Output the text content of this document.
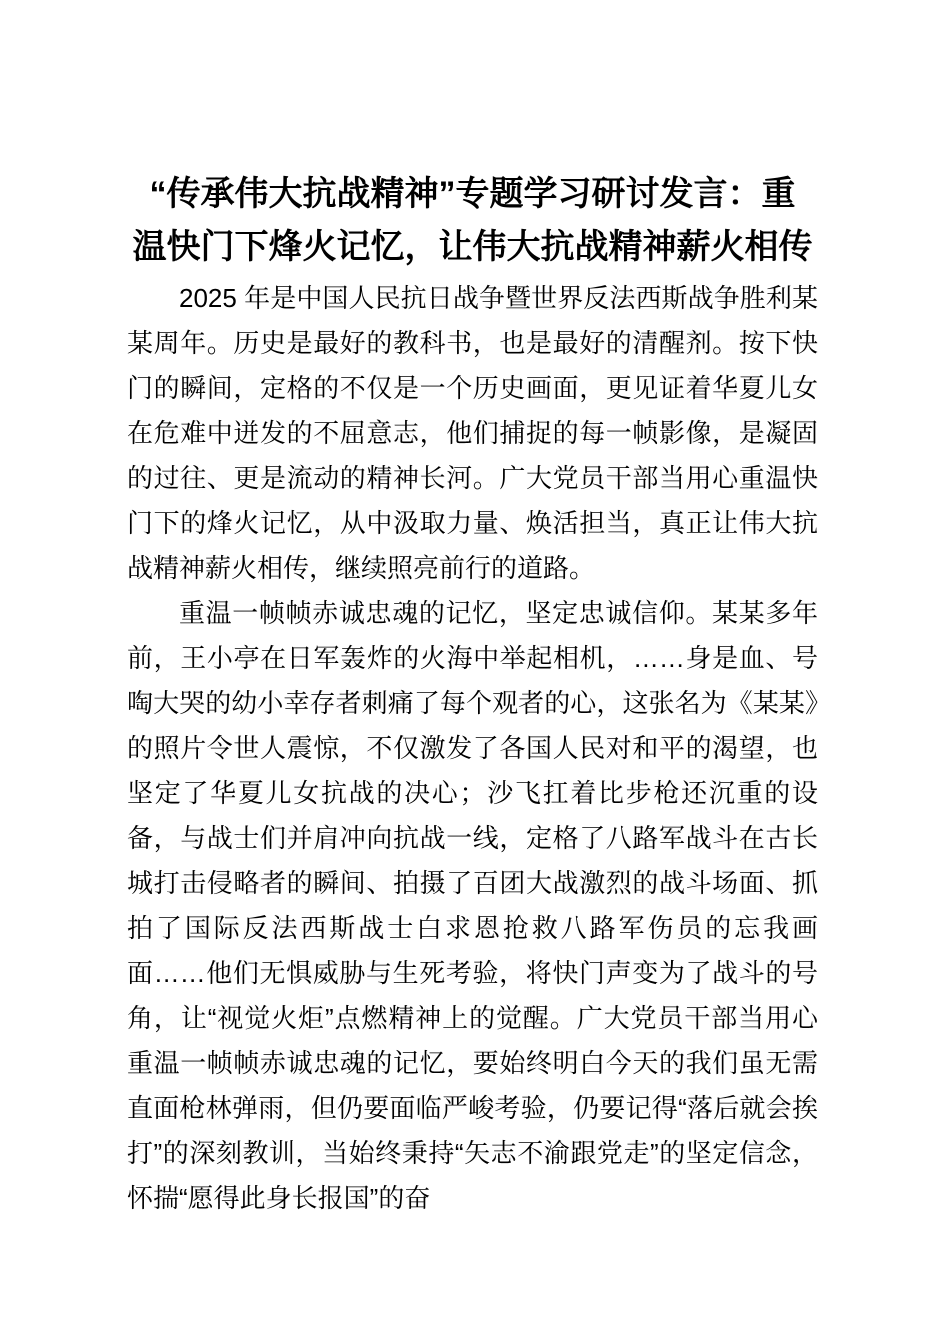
“传承伟大抗战精神”专题学习研讨发言：重
温快门下烽火记忆，让伟大抗战精神薪火相传

2025 年是中国人民抗日战争暨世界反法西斯战争胜利某某周年。历史是最好的教科书，也是最好的清醒剂。按下快门的瞬间，定格的不仅是一个历史画面，更见证着华夏儿女在危难中迸发的不屈意志，他们捕捉的每一帧影像，是凝固的过往、更是流动的精神长河。广大党员干部当用心重温快门下的烽火记忆，从中汲取力量、焕活担当，真正让伟大抗战精神薪火相传，继续照亮前行的道路。

重温一帧帧赤诚忠魂的记忆，坚定忠诚信仰。某某多年前，王小亭在日军轰炸的火海中举起相机，……身是血、号啕大哭的幼小幸存者刺痛了每个观者的心，这张名为《某某》的照片令世人震惊，不仅激发了各国人民对和平的渴望，也坚定了华夏儿女抗战的决心；沙飞扛着比步枪还沉重的设备，与战士们并肩冲向抗战一线，定格了八路军战斗在古长城打击侵略者的瞬间、拍摄了百团大战激烈的战斗场面、抓拍了国际反法西斯战士白求恩抢救八路军伤员的忘我画面……他们无惧威胁与生死考验，将快门声变为了战斗的号角，让“视觉火炬”点燃精神上的觉醒。广大党员干部当用心重温一帧帧赤诚忠魂的记忆，要始终明白今天的我们虽无需直面枪林弹雨，但仍要面临严峻考验，仍要记得“落后就会挨打”的深刻教训，当始终秉持“矢志不渝跟党走”的坚定信念，怀揣“愿得此身长报国”的奋
